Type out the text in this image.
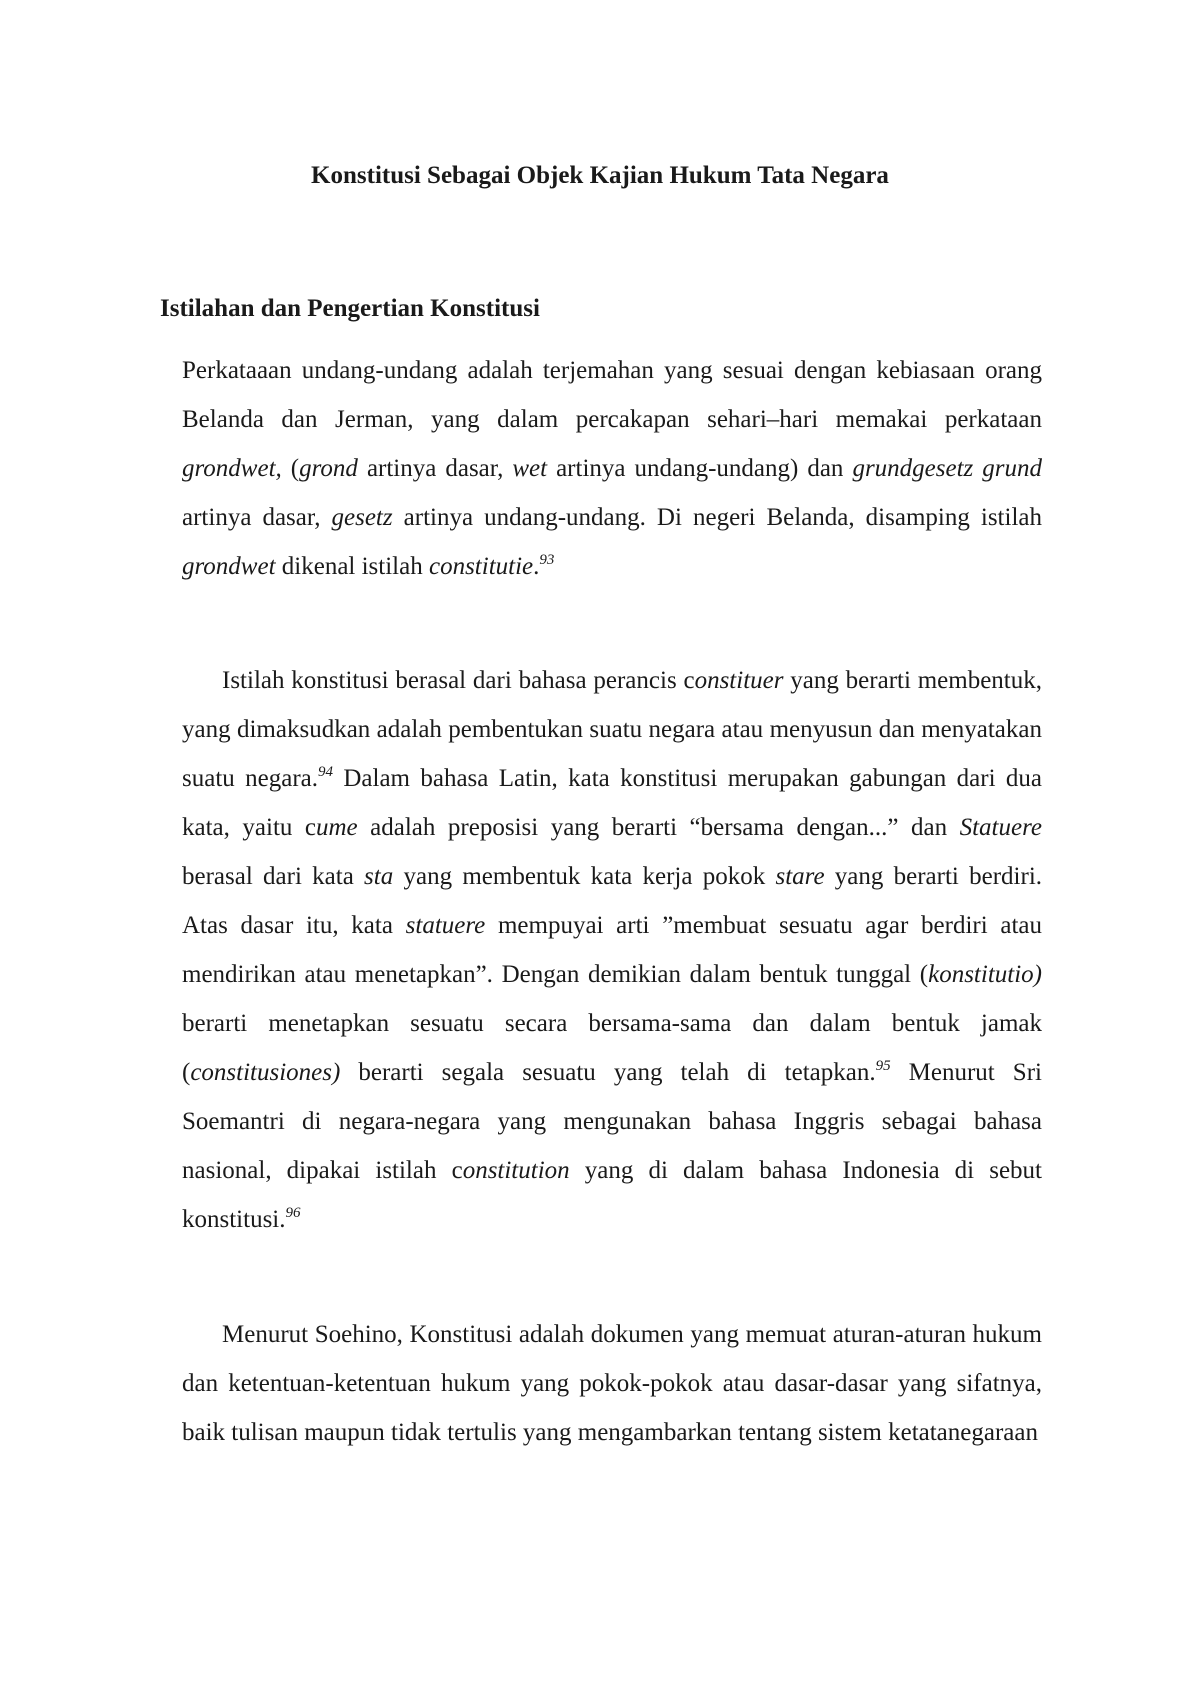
Konstitusi Sebagai Objek Kajian Hukum Tata Negara
Istilahan dan Pengertian Konstitusi

Perkataaan undang-undang adalah terjemahan yang sesuai dengan kebiasaan orang Belanda dan Jerman, yang dalam percakapan sehari–hari memakai perkataan grondwet, (grond artinya dasar, wet artinya undang-undang) dan grundgesetz grund artinya dasar, gesetz artinya undang-undang. Di negeri Belanda, disamping istilah grondwet dikenal istilah constitutie.$^{93}$

Istilah konstitusi berasal dari bahasa perancis constituer yang berarti membentuk, yang dimaksudkan adalah pembentukan suatu negara atau menyusun dan menyatakan suatu negara.$^{94}$ Dalam bahasa Latin, kata konstitusi merupakan gabungan dari dua kata, yaitu cume adalah preposisi yang berarti “bersama dengan...” dan Statuere berasal dari kata sta yang membentuk kata kerja pokok stare yang berarti berdiri. Atas dasar itu, kata statuere mempuyai arti ”membuat sesuatu agar berdiri atau mendirikan atau menetapkan”. Dengan demikian dalam bentuk tunggal (konstitutio) berarti menetapkan sesuatu secara bersama-sama dan dalam bentuk jamak (constitusiones) berarti segala sesuatu yang telah di tetapkan.$^{95}$ Menurut Sri Soemantri di negara-negara yang mengunakan bahasa Inggris sebagai bahasa nasional, dipakai istilah constitution yang di dalam bahasa Indonesia di sebut konstitusi.$^{96}$

Menurut Soehino, Konstitusi adalah dokumen yang memuat aturan-aturan hukum dan ketentuan-ketentuan hukum yang pokok-pokok atau dasar-dasar yang sifatnya, baik tulisan maupun tidak tertulis yang mengambarkan tentang sistem ketatanegaraan
